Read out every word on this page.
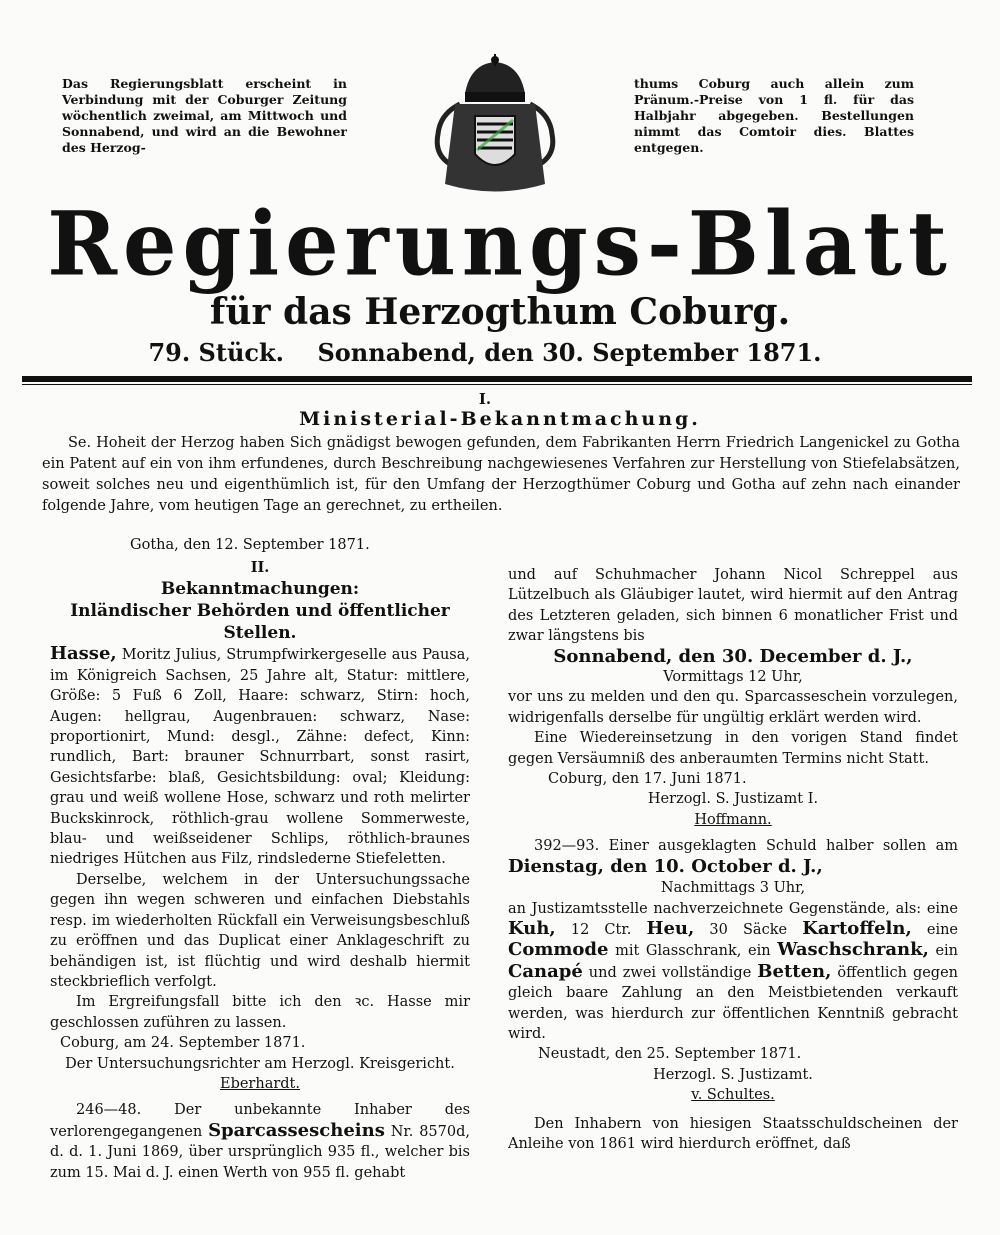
Das Regierungsblatt erscheint in Verbindung mit der Coburger Zeitung wöchentlich zweimal, am Mittwoch und Sonnabend, und wird an die Bewohner des Herzog-

thums Coburg auch allein zum Pränum.-Preise von 1 fl. für das Halbjahr abgegeben. Bestellungen nimmt das Comtoir dies. Blattes entgegen.

Regierungs-Blatt
für das Herzogthum Coburg.
79. Stück. Sonnabend, den 30. September 1871.
I.
Ministerial-Bekanntmachung.

Se. Hoheit der Herzog haben Sich gnädigst bewogen gefunden, dem Fabrikanten Herrn Friedrich Langenickel zu Gotha ein Patent auf ein von ihm erfundenes, durch Beschreibung nachgewiesenes Verfahren zur Herstellung von Stiefelabsätzen, soweit solches neu und eigenthümlich ist, für den Umfang der Herzogthümer Coburg und Gotha auf zehn nach einander folgende Jahre, vom heutigen Tage an gerechnet, zu ertheilen.

Gotha, den 12. September 1871.

II.

Bekanntmachungen:

Inländischer Behörden und öffentlicher Stellen.

Hasse, Moritz Julius, Strumpfwirkergeselle aus Pausa, im Königreich Sachsen, 25 Jahre alt, Statur: mittlere, Größe: 5 Fuß 6 Zoll, Haare: schwarz, Stirn: hoch, Augen: hellgrau, Augenbrauen: schwarz, Nase: proportionirt, Mund: desgl., Zähne: defect, Kinn: rundlich, Bart: brauner Schnurrbart, sonst rasirt, Gesichtsfarbe: blaß, Gesichtsbildung: oval; Kleidung: grau und weiß wollene Hose, schwarz und roth melirter Buckskinrock, röthlich-grau wollene Sommerweste, blau- und weißseidener Schlips, röthlich-braunes niedriges Hütchen aus Filz, rindslederne Stiefeletten.

Derselbe, welchem in der Untersuchungssache gegen ihn wegen schweren und einfachen Diebstahls resp. im wiederholten Rückfall ein Verweisungsbeschluß zu eröffnen und das Duplicat einer Anklageschrift zu behändigen ist, ist flüchtig und wird deshalb hiermit steckbrieflich verfolgt.

Im Ergreifungsfall bitte ich den ꝛc. Hasse mir geschlossen zuführen zu lassen.

Coburg, am 24. September 1871.

Der Untersuchungsrichter am Herzogl. Kreisgericht.

Eberhardt.

246—48. Der unbekannte Inhaber des verlorengegangenen Sparcassescheins Nr. 8570d, d. d. 1. Juni 1869, über ursprünglich 935 fl., welcher bis zum 15. Mai d. J. einen Werth von 955 fl. gehabt

und auf Schuhmacher Johann Nicol Schreppel aus Lützelbuch als Gläubiger lautet, wird hiermit auf den Antrag des Letzteren geladen, sich binnen 6 monatlicher Frist und zwar längstens bis

Sonnabend, den 30. December d. J.,

Vormittags 12 Uhr,

vor uns zu melden und den qu. Sparcasseschein vorzulegen, widrigenfalls derselbe für ungültig erklärt werden wird.

Eine Wiedereinsetzung in den vorigen Stand findet gegen Versäumniß des anberaumten Termins nicht Statt.

Coburg, den 17. Juni 1871.

Herzogl. S. Justizamt I.

Hoffmann.

392—93. Einer ausgeklagten Schuld halber sollen am Dienstag, den 10. October d. J.,

Nachmittags 3 Uhr,

an Justizamtsstelle nachverzeichnete Gegenstände, als: eine Kuh, 12 Ctr. Heu, 30 Säcke Kartoffeln, eine Commode mit Glasschrank, ein Waschschrank, ein Canapé und zwei vollständige Betten, öffentlich gegen gleich baare Zahlung an den Meistbietenden verkauft werden, was hierdurch zur öffentlichen Kenntniß gebracht wird.

Neustadt, den 25. September 1871.

Herzogl. S. Justizamt.

v. Schultes.

Den Inhabern von hiesigen Staatsschuldscheinen der Anleihe von 1861 wird hierdurch eröffnet, daß
